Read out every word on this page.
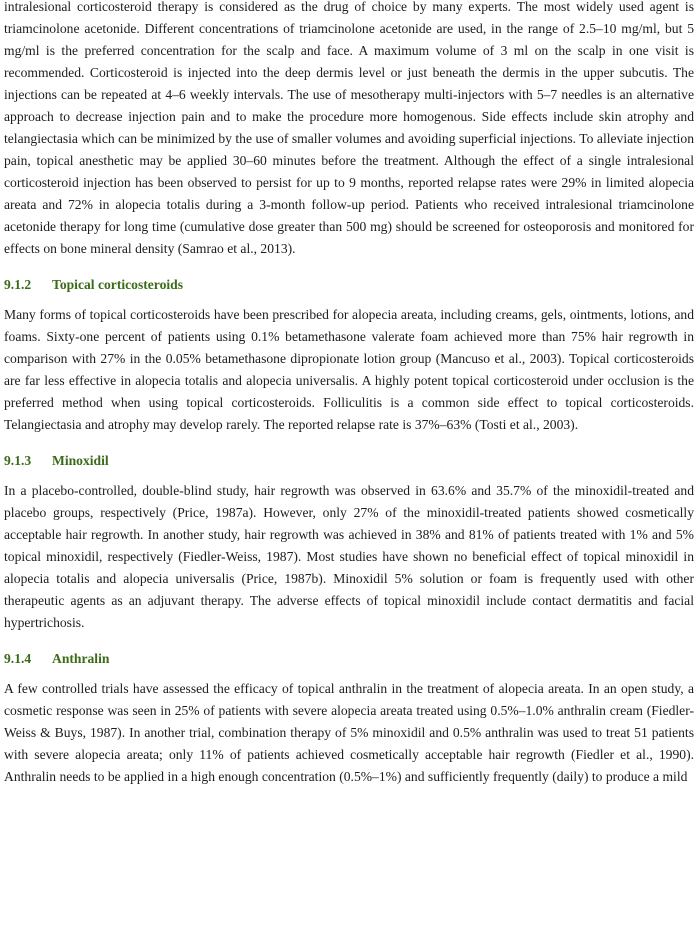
intralesional corticosteroid therapy is considered as the drug of choice by many experts. The most widely used agent is triamcinolone acetonide. Different concentrations of triamcinolone acetonide are used, in the range of 2.5–10 mg/ml, but 5 mg/ml is the preferred concentration for the scalp and face. A maximum volume of 3 ml on the scalp in one visit is recommended. Corticosteroid is injected into the deep dermis level or just beneath the dermis in the upper subcutis. The injections can be repeated at 4–6 weekly intervals. The use of mesotherapy multi-injectors with 5–7 needles is an alternative approach to decrease injection pain and to make the procedure more homogenous. Side effects include skin atrophy and telangiectasia which can be minimized by the use of smaller volumes and avoiding superficial injections. To alleviate injection pain, topical anesthetic may be applied 30–60 minutes before the treatment. Although the effect of a single intralesional corticosteroid injection has been observed to persist for up to 9 months, reported relapse rates were 29% in limited alopecia areata and 72% in alopecia totalis during a 3-month follow-up period. Patients who received intralesional triamcinolone acetonide therapy for long time (cumulative dose greater than 500 mg) should be screened for osteoporosis and monitored for effects on bone mineral density (Samrao et al., 2013).

9.1.2 Topical corticosteroids

Many forms of topical corticosteroids have been prescribed for alopecia areata, including creams, gels, ointments, lotions, and foams. Sixty-one percent of patients using 0.1% betamethasone valerate foam achieved more than 75% hair regrowth in comparison with 27% in the 0.05% betamethasone dipropionate lotion group (Mancuso et al., 2003). Topical corticosteroids are far less effective in alopecia totalis and alopecia universalis. A highly potent topical corticosteroid under occlusion is the preferred method when using topical corticosteroids. Folliculitis is a common side effect to topical corticosteroids. Telangiectasia and atrophy may develop rarely. The reported relapse rate is 37%–63% (Tosti et al., 2003).

9.1.3 Minoxidil

In a placebo-controlled, double-blind study, hair regrowth was observed in 63.6% and 35.7% of the minoxidil-treated and placebo groups, respectively (Price, 1987a). However, only 27% of the minoxidil-treated patients showed cosmetically acceptable hair regrowth. In another study, hair regrowth was achieved in 38% and 81% of patients treated with 1% and 5% topical minoxidil, respectively (Fiedler-Weiss, 1987). Most studies have shown no beneficial effect of topical minoxidil in alopecia totalis and alopecia universalis (Price, 1987b). Minoxidil 5% solution or foam is frequently used with other therapeutic agents as an adjuvant therapy. The adverse effects of topical minoxidil include contact dermatitis and facial hypertrichosis.

9.1.4 Anthralin

A few controlled trials have assessed the efficacy of topical anthralin in the treatment of alopecia areata. In an open study, a cosmetic response was seen in 25% of patients with severe alopecia areata treated using 0.5%–1.0% anthralin cream (Fiedler-Weiss & Buys, 1987). In another trial, combination therapy of 5% minoxidil and 0.5% anthralin was used to treat 51 patients with severe alopecia areata; only 11% of patients achieved cosmetically acceptable hair regrowth (Fiedler et al., 1990). Anthralin needs to be applied in a high enough concentration (0.5%–1%) and sufficiently frequently (daily) to produce a mild
